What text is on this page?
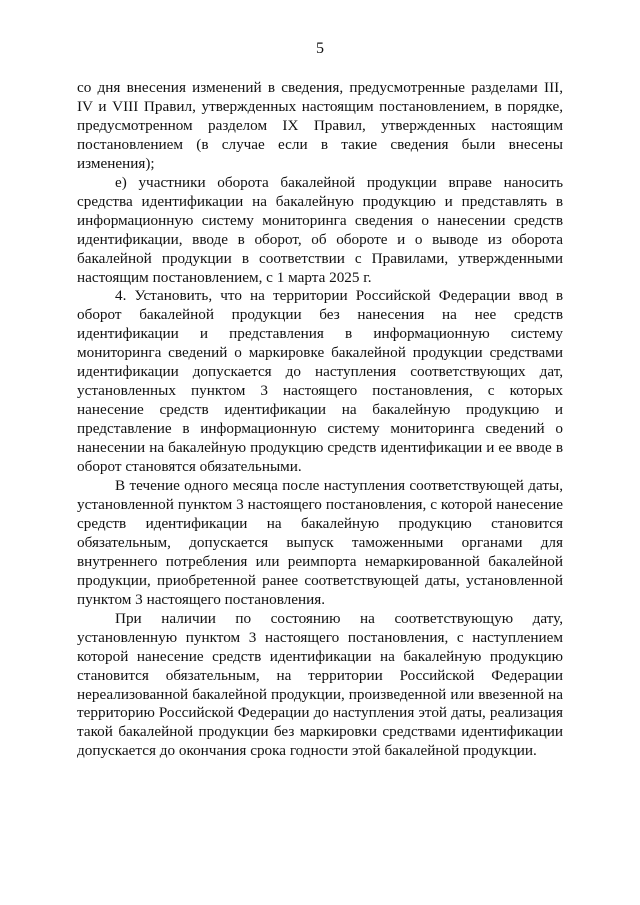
5

со дня внесения изменений в сведения, предусмотренные разделами III, IV и VIII Правил, утвержденных настоящим постановлением, в порядке, предусмотренном разделом IX Правил, утвержденных настоящим постановлением (в случае если в такие сведения были внесены изменения);

е) участники оборота бакалейной продукции вправе наносить средства идентификации на бакалейную продукцию и представлять в информационную систему мониторинга сведения о нанесении средств идентификации, вводе в оборот, об обороте и о выводе из оборота бакалейной продукции в соответствии с Правилами, утвержденными настоящим постановлением, с 1 марта 2025 г.

4. Установить, что на территории Российской Федерации ввод в оборот бакалейной продукции без нанесения на нее средств идентификации и представления в информационную систему мониторинга сведений о маркировке бакалейной продукции средствами идентификации допускается до наступления соответствующих дат, установленных пунктом 3 настоящего постановления, с которых нанесение средств идентификации на бакалейную продукцию и представление в информационную систему мониторинга сведений о нанесении на бакалейную продукцию средств идентификации и ее вводе в оборот становятся обязательными.

В течение одного месяца после наступления соответствующей даты, установленной пунктом 3 настоящего постановления, с которой нанесение средств идентификации на бакалейную продукцию становится обязательным, допускается выпуск таможенными органами для внутреннего потребления или реимпорта немаркированной бакалейной продукции, приобретенной ранее соответствующей даты, установленной пунктом 3 настоящего постановления.

При наличии по состоянию на соответствующую дату, установленную пунктом 3 настоящего постановления, с наступлением которой нанесение средств идентификации на бакалейную продукцию становится обязательным, на территории Российской Федерации нереализованной бакалейной продукции, произведенной или ввезенной на территорию Российской Федерации до наступления этой даты, реализация такой бакалейной продукции без маркировки средствами идентификации допускается до окончания срока годности этой бакалейной продукции.
